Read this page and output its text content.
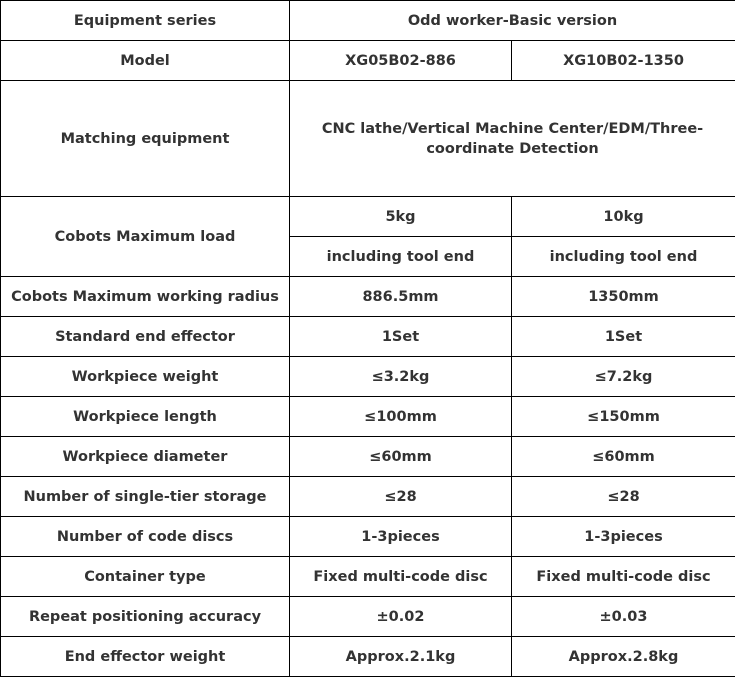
Equipment series	Odd worker-Basic version	
Model	XG05B02-886	XG10B02-1350
Matching equipment	CNC lathe/Vertical Machine Center/EDM/Three-coordinate Detection	
Cobots Maximum load	5kg	10kg
	including tool end	including tool end
Cobots Maximum working radius	886.5mm	1350mm
Standard end effector	1Set	1Set
Workpiece weight	≤3.2kg	≤7.2kg
Workpiece length	≤100mm	≤150mm
Workpiece diameter	≤60mm	≤60mm
Number of single-tier storage	≤28	≤28
Number of code discs	1-3pieces	1-3pieces
Container type	Fixed multi-code disc	Fixed multi-code disc
Repeat positioning accuracy	±0.02	±0.03
End effector weight	Approx.2.1kg	Approx.2.8kg
